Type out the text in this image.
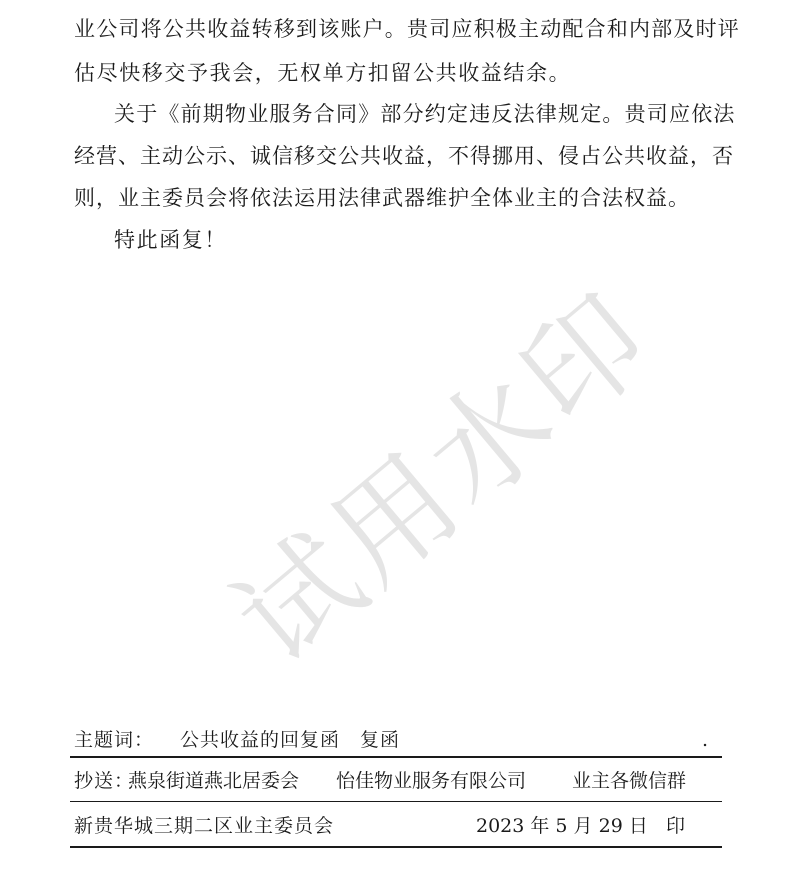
业公司将公共收益转移到该账户。贵司应积极主动配合和内部及时评
估尽快移交予我会，无权单方扣留公共收益结余。
关于《前期物业服务合同》部分约定违反法律规定。贵司应依法
经营、主动公示、诚信移交公共收益，不得挪用、侵占公共收益，否
则，业主委员会将依法运用法律武器维护全体业主的合法权益。
特此函复！
试用水印
主题词： 公共收益的回复函　复函	.
抄送：
燕泉街道燕北居委会 怡佳物业服务有限公司 业主各微信群
新贵华城三期二区业主委员会	2023 年 5 月 29 日 印
